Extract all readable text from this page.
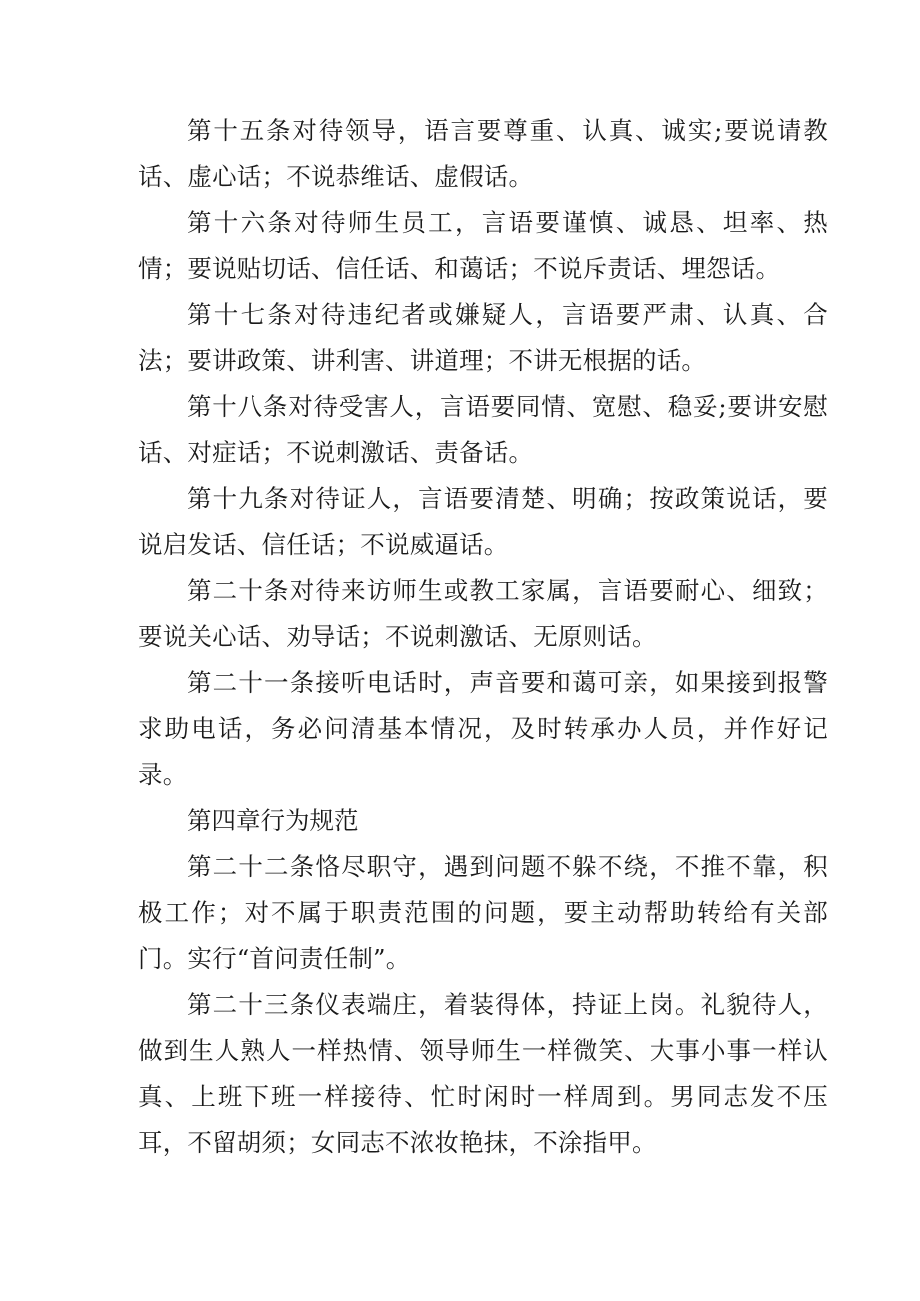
第十五条对待领导，语言要尊重、认真、诚实;要说请教话、虚心话；不说恭维话、虚假话。

第十六条对待师生员工，言语要谨慎、诚恳、坦率、热情；要说贴切话、信任话、和蔼话；不说斥责话、埋怨话。

第十七条对待违纪者或嫌疑人，言语要严肃、认真、合法；要讲政策、讲利害、讲道理；不讲无根据的话。

第十八条对待受害人，言语要同情、宽慰、稳妥;要讲安慰话、对症话；不说刺激话、责备话。

第十九条对待证人，言语要清楚、明确；按政策说话，要说启发话、信任话；不说威逼话。

第二十条对待来访师生或教工家属，言语要耐心、细致；要说关心话、劝导话；不说刺激话、无原则话。

第二十一条接听电话时，声音要和蔼可亲，如果接到报警求助电话，务必问清基本情况，及时转承办人员，并作好记录。

第四章行为规范

第二十二条恪尽职守，遇到问题不躲不绕，不推不靠，积极工作；对不属于职责范围的问题，要主动帮助转给有关部门。实行“首问责任制”。

第二十三条仪表端庄，着装得体，持证上岗。礼貌待人，做到生人熟人一样热情、领导师生一样微笑、大事小事一样认真、上班下班一样接待、忙时闲时一样周到。男同志发不压耳，不留胡须；女同志不浓妆艳抹，不涂指甲。
